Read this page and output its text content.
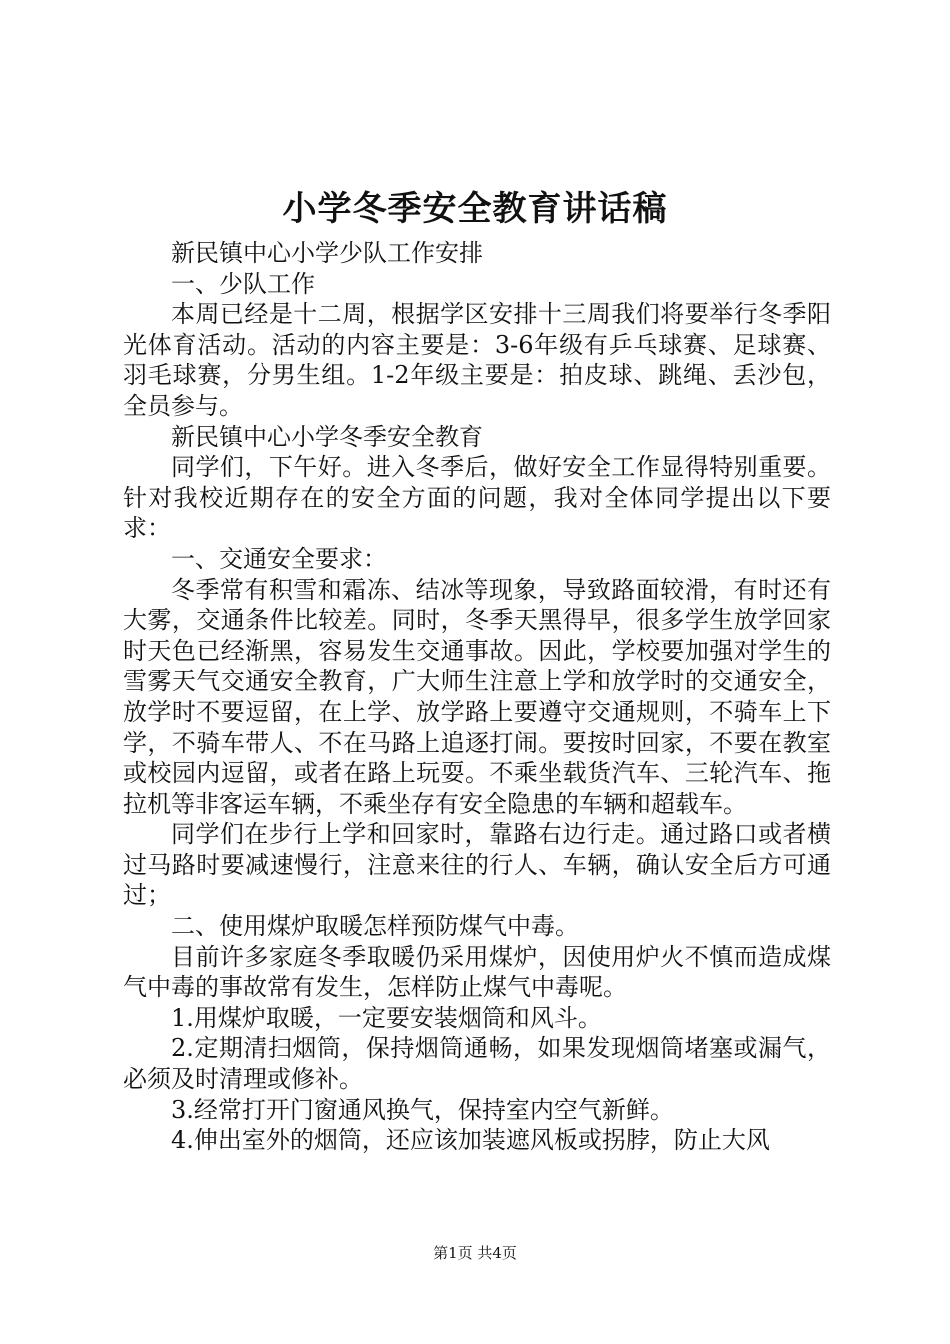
小学冬季安全教育讲话稿

新民镇中心小学少队工作安排

一、少队工作

本周已经是十二周，根据学区安排十三周我们将要举行冬季阳光体育活动。活动的内容主要是：3-6年级有乒乓球赛、足球赛、羽毛球赛，分男生组。1-2年级主要是：拍皮球、跳绳、丢沙包，全员参与。

新民镇中心小学冬季安全教育

同学们，下午好。进入冬季后，做好安全工作显得特别重要。针对我校近期存在的安全方面的问题，我对全体同学提出以下要求：

一、交通安全要求：

冬季常有积雪和霜冻、结冰等现象，导致路面较滑，有时还有大雾，交通条件比较差。同时，冬季天黑得早，很多学生放学回家时天色已经渐黑，容易发生交通事故。因此，学校要加强对学生的雪雾天气交通安全教育，广大师生注意上学和放学时的交通安全，放学时不要逗留，在上学、放学路上要遵守交通规则，不骑车上下学，不骑车带人、不在马路上追逐打闹。要按时回家，不要在教室或校园内逗留，或者在路上玩耍。不乘坐载货汽车、三轮汽车、拖拉机等非客运车辆，不乘坐存有安全隐患的车辆和超载车。

同学们在步行上学和回家时，靠路右边行走。通过路口或者横过马路时要减速慢行，注意来往的行人、车辆，确认安全后方可通过；

二、使用煤炉取暖怎样预防煤气中毒。

目前许多家庭冬季取暖仍采用煤炉，因使用炉火不慎而造成煤气中毒的事故常有发生，怎样防止煤气中毒呢。

1.用煤炉取暖，一定要安装烟筒和风斗。

2.定期清扫烟筒，保持烟筒通畅，如果发现烟筒堵塞或漏气，必须及时清理或修补。

3.经常打开门窗通风换气，保持室内空气新鲜。

4.伸出室外的烟筒，还应该加装遮风板或拐脖，防止大风

第1页 共4页
